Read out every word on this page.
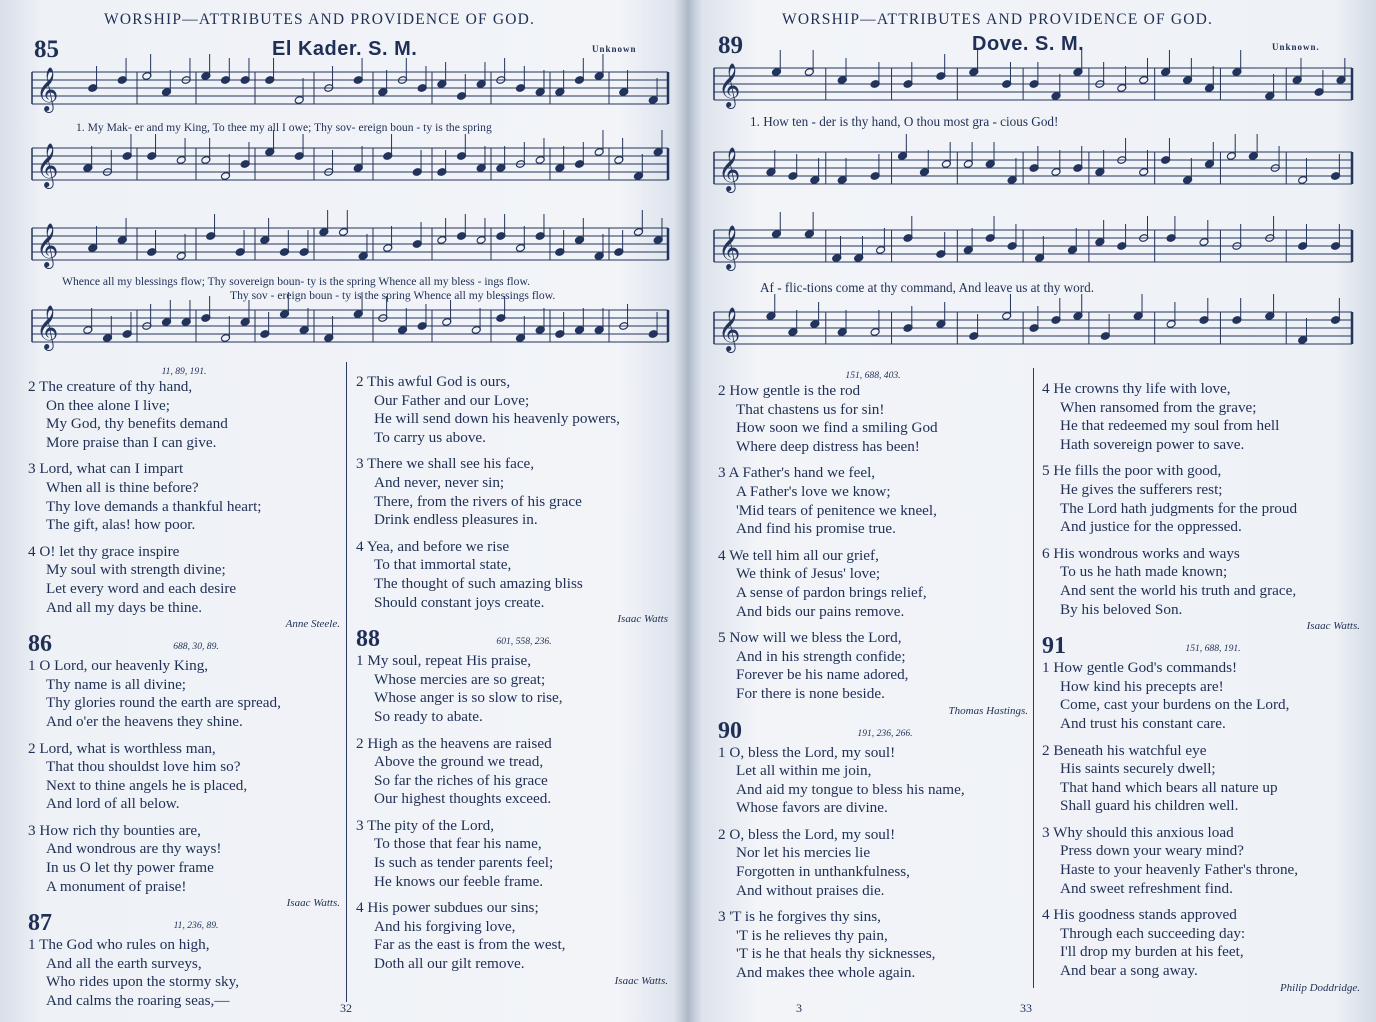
WORSHIP—ATTRIBUTES AND PROVIDENCE OF GOD.
85	El Kader. S. M.	Unknown
𝄞
𝄞
𝄞
𝄞
1. My Mak- er and my King, To thee my all I owe; Thy sov- ereign boun - ty is the spring
Whence all my blessings flow; Thy sovereign boun- ty is the spring Whence all my bless - ings flow.
Thy sov - ereign boun - ty is the spring Whence all my blessings flow.
11, 89, 191.
2 The creature of thy hand,
On thee alone I live;
My God, thy benefits demand
More praise than I can give.
3 Lord, what can I impart
When all is thine before?
Thy love demands a thankful heart;
The gift, alas! how poor.
4 O! let thy grace inspire
My soul with strength divine;
Let every word and each desire
And all my days be thine.
Anne Steele.
86	688, 30, 89.
1 O Lord, our heavenly King,
Thy name is all divine;
Thy glories round the earth are spread,
And o'er the heavens they shine.
2 Lord, what is worthless man,
That thou shouldst love him so?
Next to thine angels he is placed,
And lord of all below.
3 How rich thy bounties are,
And wondrous are thy ways!
In us O let thy power frame
A monument of praise!
Isaac Watts.
87	11, 236, 89.
1 The God who rules on high,
And all the earth surveys,
Who rides upon the stormy sky,
And calms the roaring seas,—
2 This awful God is ours,
Our Father and our Love;
He will send down his heavenly powers,
To carry us above.
3 There we shall see his face,
And never, never sin;
There, from the rivers of his grace
Drink endless pleasures in.
4 Yea, and before we rise
To that immortal state,
The thought of such amazing bliss
Should constant joys create.
Isaac Watts
88	601, 558, 236.
1 My soul, repeat His praise,
Whose mercies are so great;
Whose anger is so slow to rise,
So ready to abate.
2 High as the heavens are raised
Above the ground we tread,
So far the riches of his grace
Our highest thoughts exceed.
3 The pity of the Lord,
To those that fear his name,
Is such as tender parents feel;
He knows our feeble frame.
4 His power subdues our sins;
And his forgiving love,
Far as the east is from the west,
Doth all our gilt remove.
Isaac Watts.
32
WORSHIP—ATTRIBUTES AND PROVIDENCE OF GOD.
89	Dove. S. M.	Unknown.
𝄞
𝄞
𝄞
𝄞
1. How ten - der is thy hand, O thou most gra - cious God!
Af - flic-tions come at thy command, And leave us at thy word.
151, 688, 403.
2 How gentle is the rod
That chastens us for sin!
How soon we find a smiling God
Where deep distress has been!
3 A Father's hand we feel,
A Father's love we know;
'Mid tears of penitence we kneel,
And find his promise true.
4 We tell him all our grief,
We think of Jesus' love;
A sense of pardon brings relief,
And bids our pains remove.
5 Now will we bless the Lord,
And in his strength confide;
Forever be his name adored,
For there is none beside.
Thomas Hastings.
90	191, 236, 266.
1 O, bless the Lord, my soul!
Let all within me join,
And aid my tongue to bless his name,
Whose favors are divine.
2 O, bless the Lord, my soul!
Nor let his mercies lie
Forgotten in unthankfulness,
And without praises die.
3 'T is he forgives thy sins,
'T is he relieves thy pain,
'T is he that heals thy sicknesses,
And makes thee whole again.
4 He crowns thy life with love,
When ransomed from the grave;
He that redeemed my soul from hell
Hath sovereign power to save.
5 He fills the poor with good,
He gives the sufferers rest;
The Lord hath judgments for the proud
And justice for the oppressed.
6 His wondrous works and ways
To us he hath made known;
And sent the world his truth and grace,
By his beloved Son.
Isaac Watts.
91	151, 688, 191.
1 How gentle God's commands!
How kind his precepts are!
Come, cast your burdens on the Lord,
And trust his constant care.
2 Beneath his watchful eye
His saints securely dwell;
That hand which bears all nature up
Shall guard his children well.
3 Why should this anxious load
Press down your weary mind?
Haste to your heavenly Father's throne,
And sweet refreshment find.
4 His goodness stands approved
Through each succeeding day:
I'll drop my burden at his feet,
And bear a song away.
Philip Doddridge.
3	33
